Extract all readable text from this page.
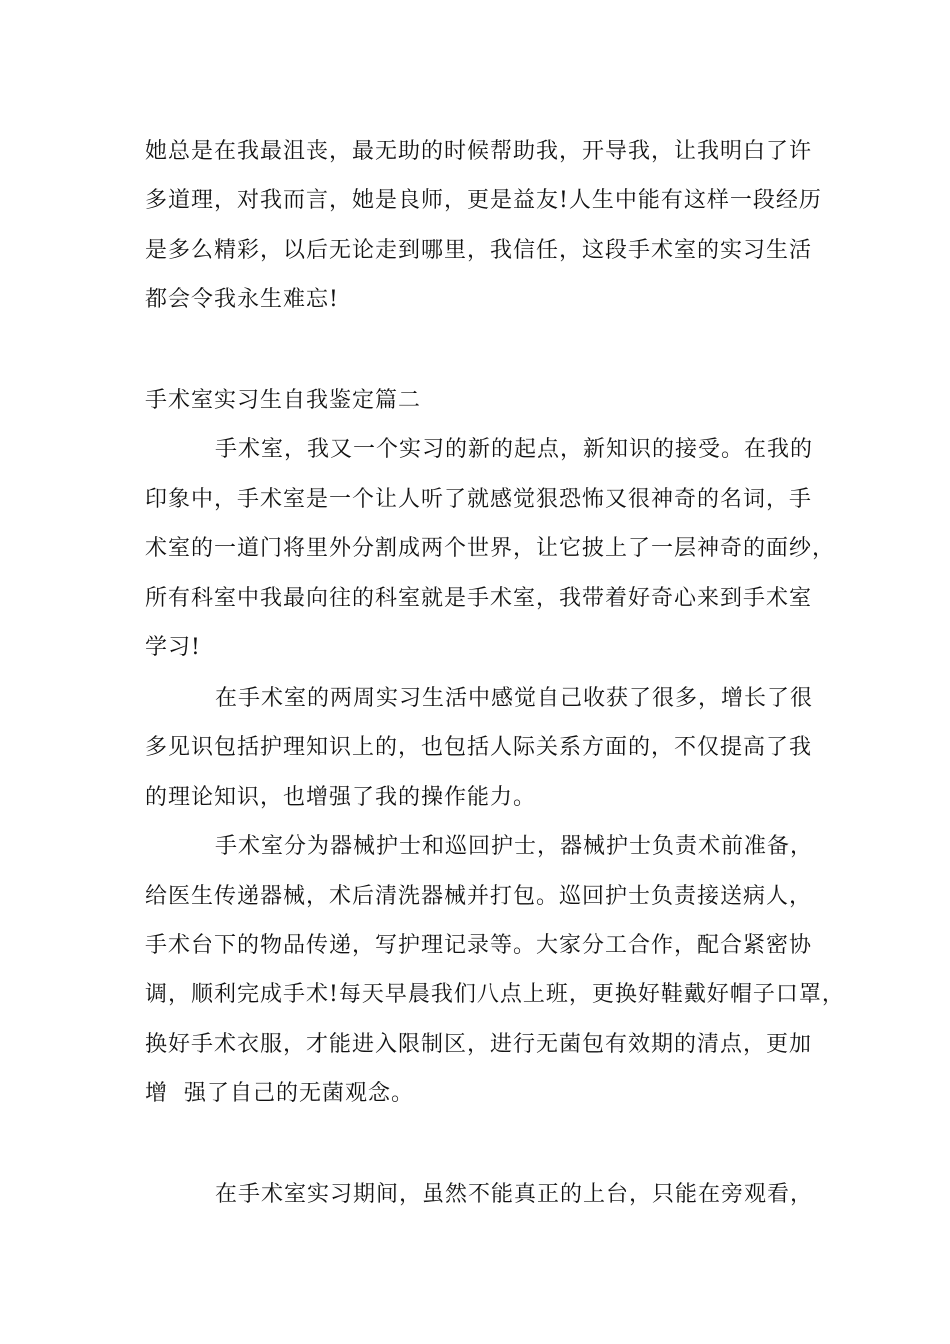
她总是在我最沮丧，最无助的时候帮助我，开导我，让我明白了许
多道理，对我而言，她是良师，更是益友!人生中能有这样一段经历
是多么精彩，以后无论走到哪里，我信任，这段手术室的实习生活
都会令我永生难忘!
手术室实习生自我鉴定篇二
手术室，我又一个实习的新的起点，新知识的接受。在我的
印象中，手术室是一个让人听了就感觉狠恐怖又很神奇的名词，手
术室的一道门将里外分割成两个世界，让它披上了一层神奇的面纱，
所有科室中我最向往的科室就是手术室，我带着好奇心来到手术室
学习!
在手术室的两周实习生活中感觉自己收获了很多，增长了很
多见识包括护理知识上的，也包括人际关系方面的，不仅提高了我
的理论知识，也增强了我的操作能力。
手术室分为器械护士和巡回护士，器械护士负责术前准备，
给医生传递器械，术后清洗器械并打包。巡回护士负责接送病人，
手术台下的物品传递，写护理记录等。大家分工合作，配合紧密协
调，顺利完成手术!每天早晨我们八点上班，更换好鞋戴好帽子口罩，
换好手术衣服，才能进入限制区，进行无菌包有效期的清点，更加
增  强了自己的无菌观念。
在手术室实习期间，虽然不能真正的上台，只能在旁观看，
